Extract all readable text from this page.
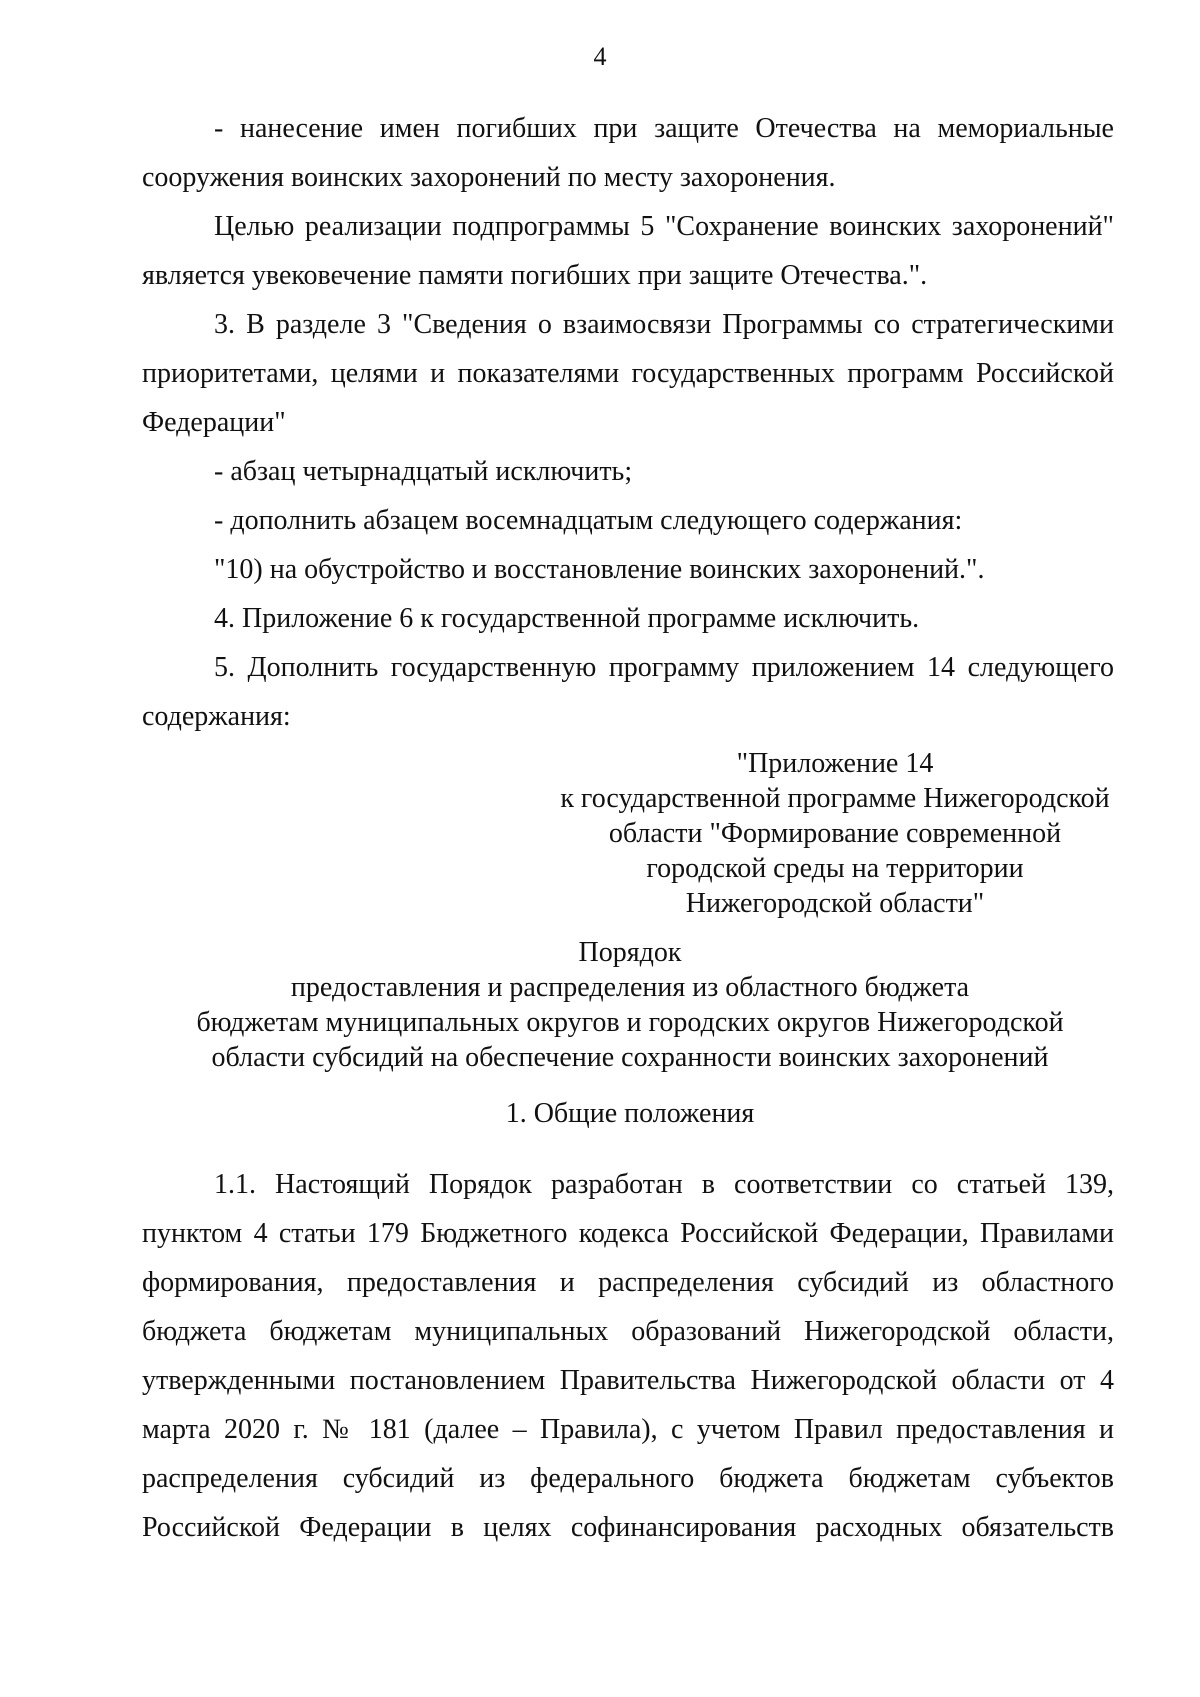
4

- нанесение имен погибших при защите Отечества на мемориальные сооружения воинских захоронений по месту захоронения.

Целью реализации подпрограммы 5 "Сохранение воинских захоронений" является увековечение памяти погибших при защите Отечества.".

3. В разделе 3 "Сведения о взаимосвязи Программы со стратегическими приоритетами, целями и показателями государственных программ Российской Федерации"

- абзац четырнадцатый исключить;

- дополнить абзацем восемнадцатым следующего содержания:

"10) на обустройство и восстановление воинских захоронений.".

4. Приложение 6 к государственной программе исключить.

5. Дополнить государственную программу приложением 14 следующего содержания:

"Приложение 14
к государственной программе Нижегородской
области "Формирование современной
городской среды на территории
Нижегородской области"
Порядок
предоставления и распределения из областного бюджета
бюджетам муниципальных округов и городских округов Нижегородской
области субсидий на обеспечение сохранности воинских захоронений
1. Общие положения

1.1. Настоящий Порядок разработан в соответствии со статьей 139, пунктом 4 статьи 179 Бюджетного кодекса Российской Федерации, Правилами формирования, предоставления и распределения субсидий из областного бюджета бюджетам муниципальных образований Нижегородской области, утвержденными постановлением Правительства Нижегородской области от 4 марта 2020 г. № 181 (далее – Правила), с учетом Правил предоставления и распределения субсидий из федерального бюджета бюджетам субъектов Российской Федерации в целях софинансирования расходных обязательств
